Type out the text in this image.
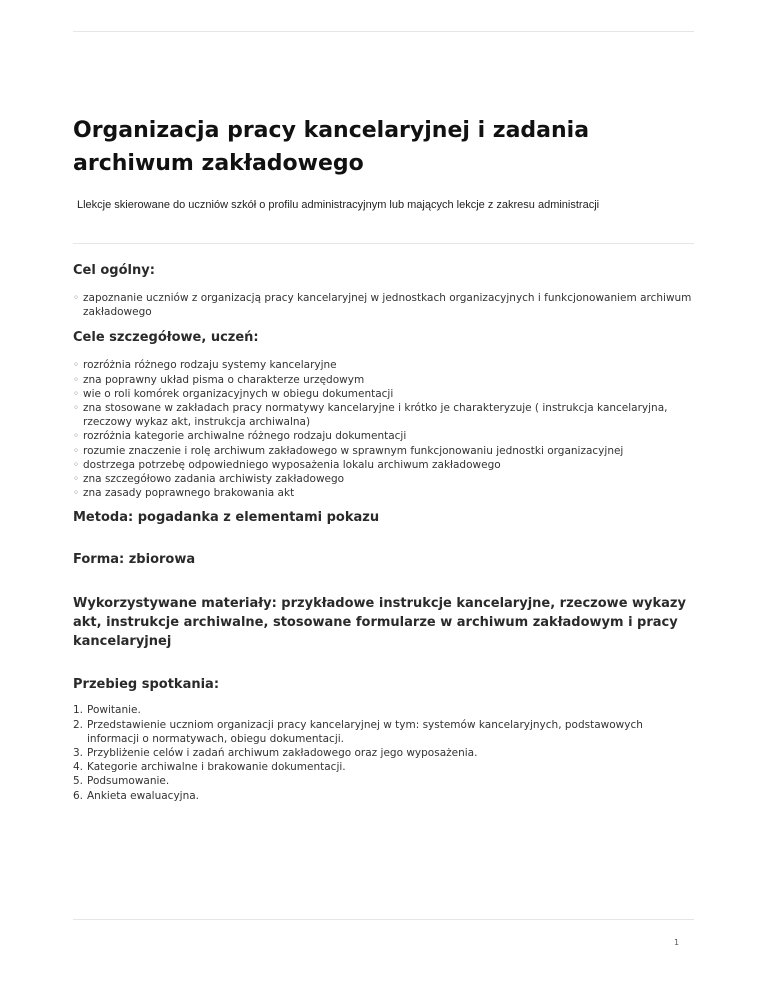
Organizacja pracy kancelaryjnej i zadania archiwum zakładowego

Llekcje skierowane do uczniów szkół o profilu administracyjnym lub mających lekcje z zakresu administracji

Cel ogólny:
◦ zapoznanie uczniów z organizacją pracy kancelaryjnej w jednostkach organizacyjnych i funkcjonowaniem archiwum zakładowego
Cele szczegółowe, uczeń:
◦ rozróżnia różnego rodzaju systemy kancelaryjne
◦ zna poprawny układ pisma o charakterze urzędowym
◦ wie o roli komórek organizacyjnych w obiegu dokumentacji
◦ zna stosowane w zakładach pracy normatywy kancelaryjne i krótko je charakteryzuje ( instrukcja kancelaryjna, rzeczowy wykaz akt, instrukcja archiwalna)
◦ rozróżnia kategorie archiwalne różnego rodzaju dokumentacji
◦ rozumie znaczenie i rolę archiwum zakładowego w sprawnym funkcjonowaniu jednostki organizacyjnej
◦ dostrzega potrzebę odpowiedniego wyposażenia lokalu archiwum zakładowego
◦ zna szczegółowo zadania archiwisty zakładowego
◦ zna zasady poprawnego brakowania akt
Metoda: pogadanka z elementami pokazu
Forma: zbiorowa
Wykorzystywane materiały: przykładowe instrukcje kancelaryjne, rzeczowe wykazy akt, instrukcje archiwalne, stosowane formularze w archiwum zakładowym i pracy kancelaryjnej
Przebieg spotkania:
1. Powitanie.
2. Przedstawienie uczniom organizacji pracy kancelaryjnej w tym: systemów kancelaryjnych, podstawowych informacji o normatywach, obiegu dokumentacji.
3. Przybliżenie celów i zadań archiwum zakładowego oraz jego wyposażenia.
4. Kategorie archiwalne i brakowanie dokumentacji.
5. Podsumowanie.
6. Ankieta ewaluacyjna.
1
